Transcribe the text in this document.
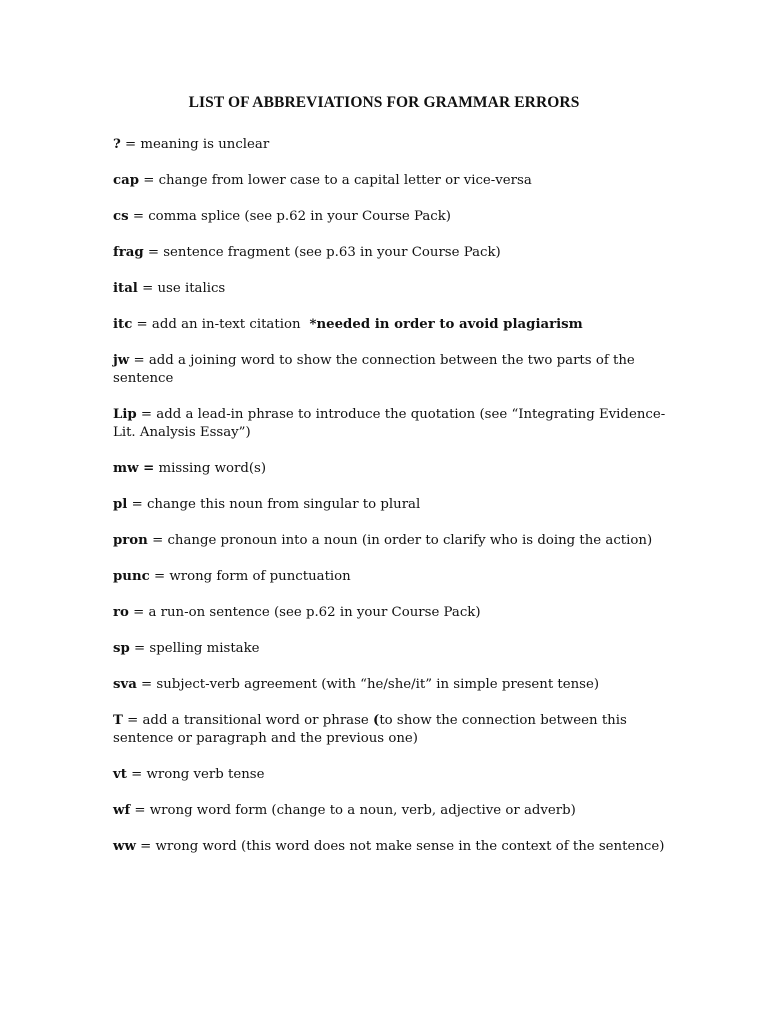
LIST OF ABBREVIATIONS FOR GRAMMAR ERRORS
? = meaning is unclear
cap = change from lower case to a capital letter or vice-versa
cs = comma splice (see p.62 in your Course Pack)
frag = sentence fragment (see p.63 in your Course Pack)
ital = use italics
itc = add an in-text citation *needed in order to avoid plagiarism
jw = add a joining word to show the connection between the two parts of the sentence
Lip = add a lead-in phrase to introduce the quotation (see “Integrating Evidence-Lit. Analysis Essay”)
mw = missing word(s)
pl = change this noun from singular to plural
pron = change pronoun into a noun (in order to clarify who is doing the action)
punc = wrong form of punctuation
ro = a run-on sentence (see p.62 in your Course Pack)
sp = spelling mistake
sva = subject-verb agreement (with “he/she/it” in simple present tense)
T = add a transitional word or phrase (to show the connection between this sentence or paragraph and the previous one)
vt = wrong verb tense
wf = wrong word form (change to a noun, verb, adjective or adverb)
ww = wrong word (this word does not make sense in the context of the sentence)
